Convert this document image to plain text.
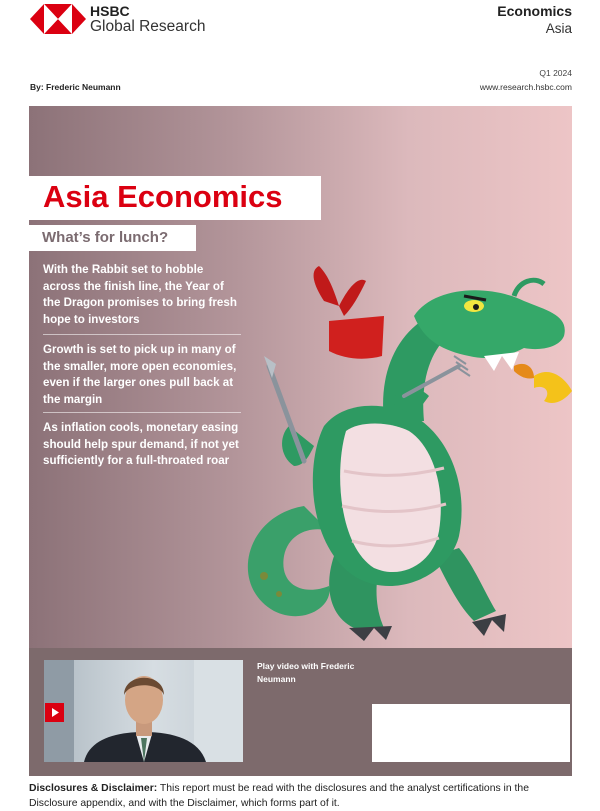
HSBC
Global Research
Economics
Asia
Q1 2024
By: Frederic Neumann	www.research.hsbc.com
Asia Economics
What’s for lunch?
With the Rabbit set to hobble across the finish line, the Year of the Dragon promises to bring fresh hope to investors
Growth is set to pick up in many of the smaller, more open economies, even if the larger ones pull back at the margin
As inflation cools, monetary easing should help spur demand, if not yet sufficiently for a full-throated roar
Play video with Frederic Neumann
Disclosures & Disclaimer: This report must be read with the disclosures and the analyst certifications in the Disclosure appendix, and with the Disclaimer, which forms part of it.
